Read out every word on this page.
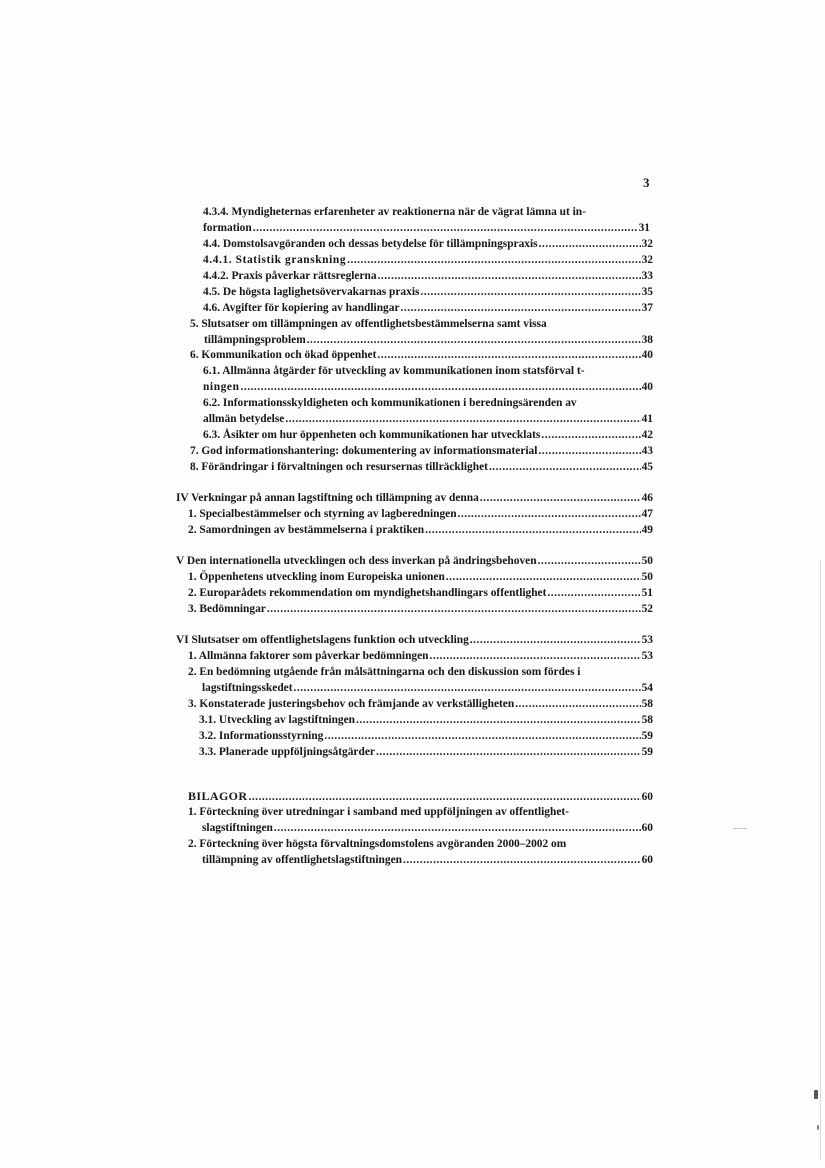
3
4.3.4. Myndigheternas erfarenheter av reaktionerna när de vägrat lämna ut in-
formation .....	31
4.4. Domstolsavgöranden och dessas betydelse för tillämpningspraxis .....	32
4.4.1. Statistik granskning .....	32
4.4.2. Praxis påverkar rättsreglerna .....	33
4.5. De högsta laglighetsövervakarnas praxis .....	35
4.6. Avgifter för kopiering av handlingar .....	37
5. Slutsatser om tillämpningen av offentlighetsbestämmelserna samt vissa
tillämpningsproblem .....	38
6. Kommunikation och ökad öppenhet .....	40
6.1. Allmänna åtgärder för utveckling av kommunikationen inom statsförval t-
ningen .....	40
6.2. Informationsskyldigheten och kommunikationen i beredningsärenden av
allmän betydelse .....	41
6.3. Åsikter om hur öppenheten och kommunikationen har utvecklats .....	42
7. God informationshantering: dokumentering av informationsmaterial .....	43
8. Förändringar i förvaltningen och resursernas tillräcklighet .....	45
IV Verkningar på annan lagstiftning och tillämpning av denna .....	46
1. Specialbestämmelser och styrning av lagberedningen .....	47
2. Samordningen av bestämmelserna i praktiken .....	49
V Den internationella utvecklingen och dess inverkan på ändringsbehoven .....	50
1. Öppenhetens utveckling inom Europeiska unionen .....	50
2. Europarådets rekommendation om myndighetshandlingars offentlighet .....	51
3. Bedömningar .....	52
VI Slutsatser om offentlighetslagens funktion och utveckling .....	53
1. Allmänna faktorer som påverkar bedömningen .....	53
2. En bedömning utgående från målsättningarna och den diskussion som fördes i
lagstiftningsskedet .....	54
3. Konstaterade justeringsbehov och främjande av verkställigheten .....	58
3.1. Utveckling av lagstiftningen .....	58
3.2. Informationsstyrning .....	59
3.3. Planerade uppföljningsåtgärder .....	59
BILAGOR .....	60
1. Förteckning över utredningar i samband med uppföljningen av offentlighet-
slagstiftningen .....	60
2. Förteckning över högsta förvaltningsdomstolens avgöranden 2000–2002 om
tillämpning av offentlighetslagstiftningen .....	60
